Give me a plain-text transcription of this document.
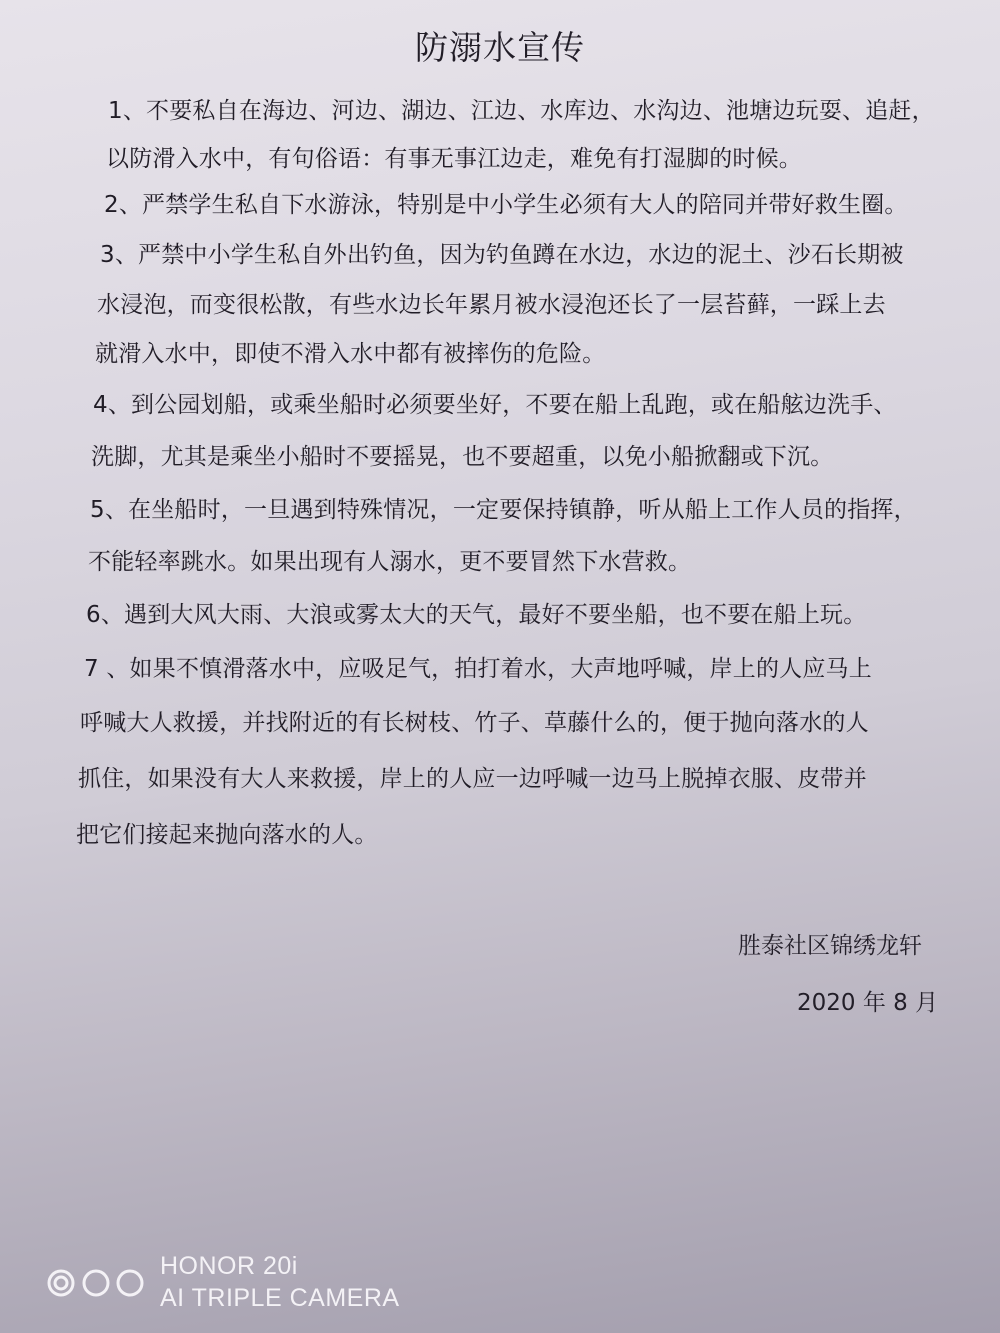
防溺水宣传
1、不要私自在海边、河边、湖边、江边、水库边、水沟边、池塘边玩耍、追赶，
以防滑入水中，有句俗语：有事无事江边走，难免有打湿脚的时候。
2、严禁学生私自下水游泳，特别是中小学生必须有大人的陪同并带好救生圈。
3、严禁中小学生私自外出钓鱼，因为钓鱼蹲在水边，水边的泥土、沙石长期被
水浸泡，而变很松散，有些水边长年累月被水浸泡还长了一层苔藓，一踩上去
就滑入水中，即使不滑入水中都有被摔伤的危险。
4、到公园划船，或乘坐船时必须要坐好，不要在船上乱跑，或在船舷边洗手、
洗脚，尤其是乘坐小船时不要摇晃，也不要超重，以免小船掀翻或下沉。
5、在坐船时，一旦遇到特殊情况，一定要保持镇静，听从船上工作人员的指挥，
不能轻率跳水。如果出现有人溺水，更不要冒然下水营救。
6、遇到大风大雨、大浪或雾太大的天气，最好不要坐船，也不要在船上玩。
7 、如果不慎滑落水中，应吸足气，拍打着水，大声地呼喊，岸上的人应马上
呼喊大人救援，并找附近的有长树枝、竹子、草藤什么的，便于抛向落水的人
抓住，如果没有大人来救援，岸上的人应一边呼喊一边马上脱掉衣服、皮带并
把它们接起来抛向落水的人。
胜泰社区锦绣龙轩
2020 年 8 月
HONOR 20i
AI TRIPLE CAMERA
